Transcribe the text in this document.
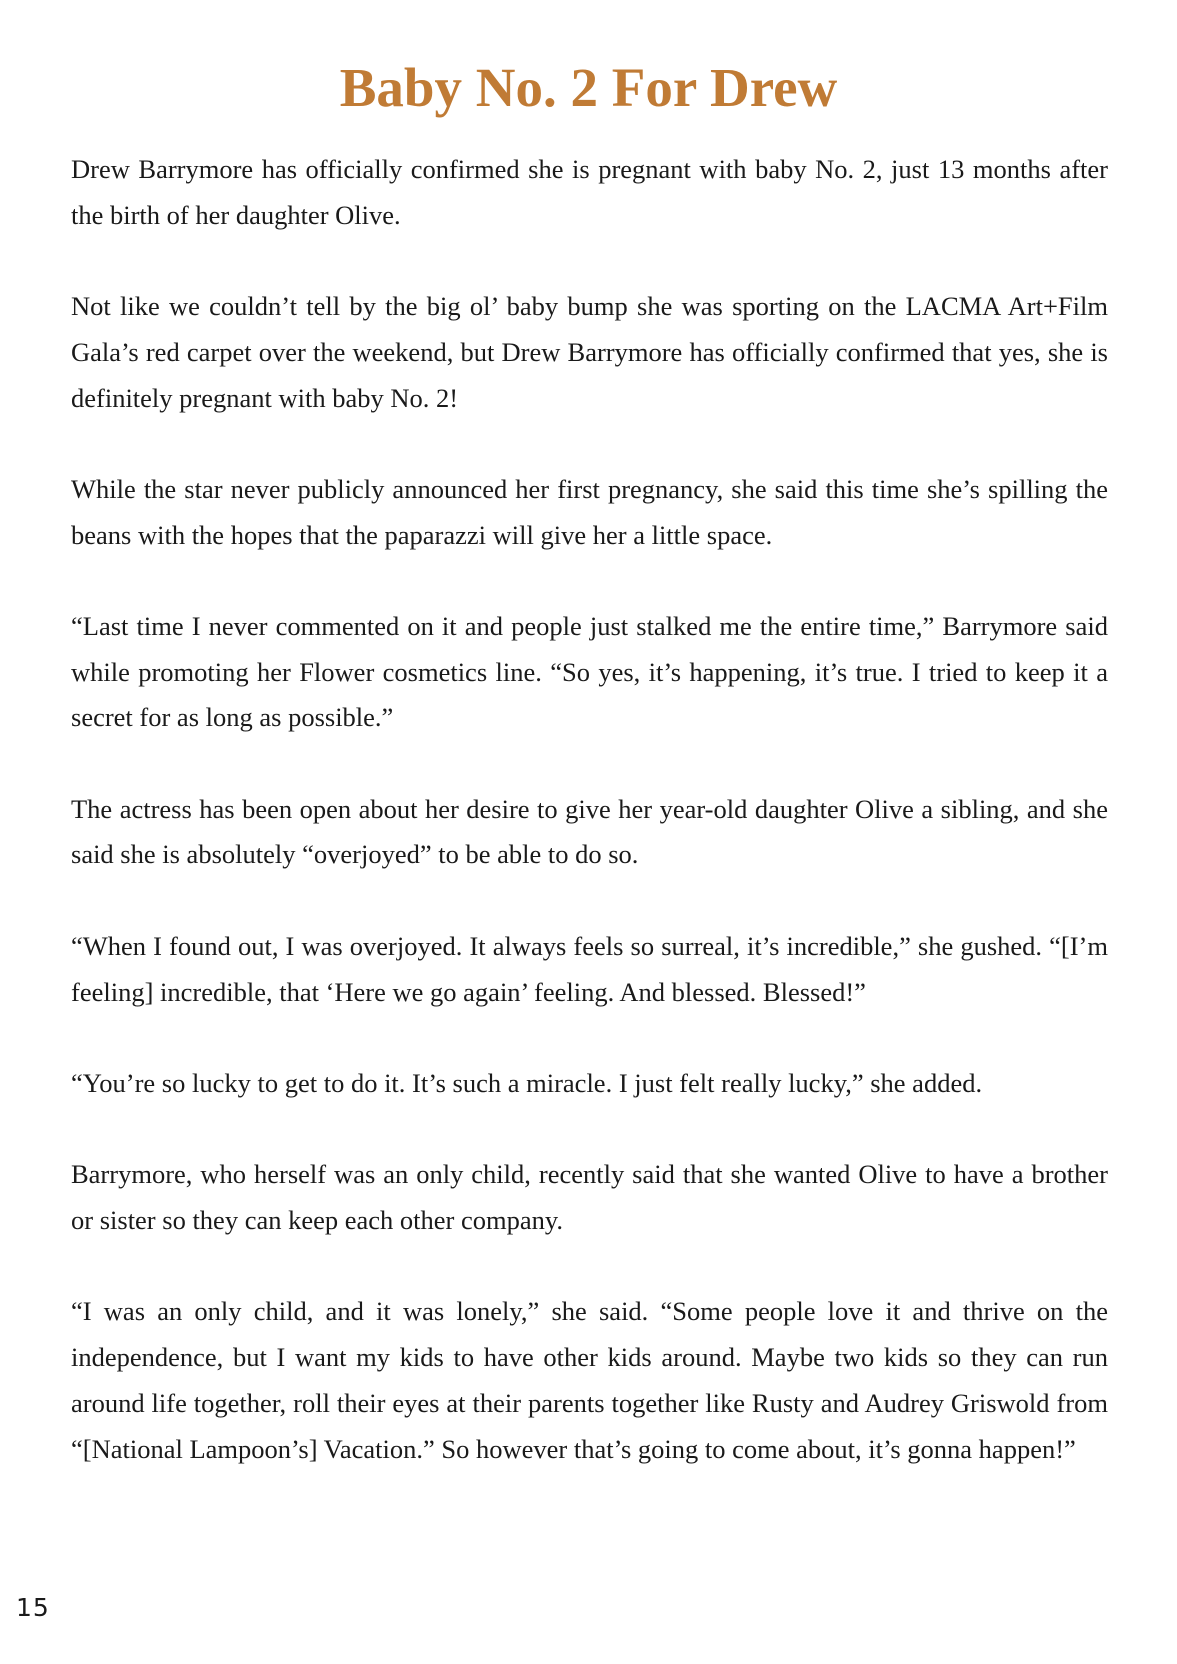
Baby No. 2 For Drew

Drew Barrymore has officially confirmed she is pregnant with baby No. 2, just 13 months after the birth of her daughter Olive.

Not like we couldn’t tell by the big ol’ baby bump she was sporting on the LACMA Art+Film Gala’s red carpet over the weekend, but Drew Barrymore has officially confirmed that yes, she is definitely pregnant with baby No. 2!

While the star never publicly announced her first pregnancy, she said this time she’s spilling the beans with the hopes that the paparazzi will give her a little space.

“Last time I never commented on it and people just stalked me the entire time,” Barrymore said while promoting her Flower cosmetics line. “So yes, it’s happening, it’s true. I tried to keep it a secret for as long as possible.”

The actress has been open about her desire to give her year-old daughter Olive a sibling, and she said she is absolutely “overjoyed” to be able to do so.

“When I found out, I was overjoyed. It always feels so surreal, it’s incredible,” she gushed. “[I’m feeling] incredible, that ‘Here we go again’ feeling. And blessed. Blessed!”

“You’re so lucky to get to do it. It’s such a miracle. I just felt really lucky,” she added.

Barrymore, who herself was an only child, recently said that she wanted Olive to have a brother or sister so they can keep each other company.

“I was an only child, and it was lonely,” she said. “Some people love it and thrive on the independence, but I want my kids to have other kids around. Maybe two kids so they can run around life together, roll their eyes at their parents together like Rusty and Audrey Griswold from “[National Lampoon’s] Vacation.” So however that’s going to come about, it’s gonna happen!”

15
